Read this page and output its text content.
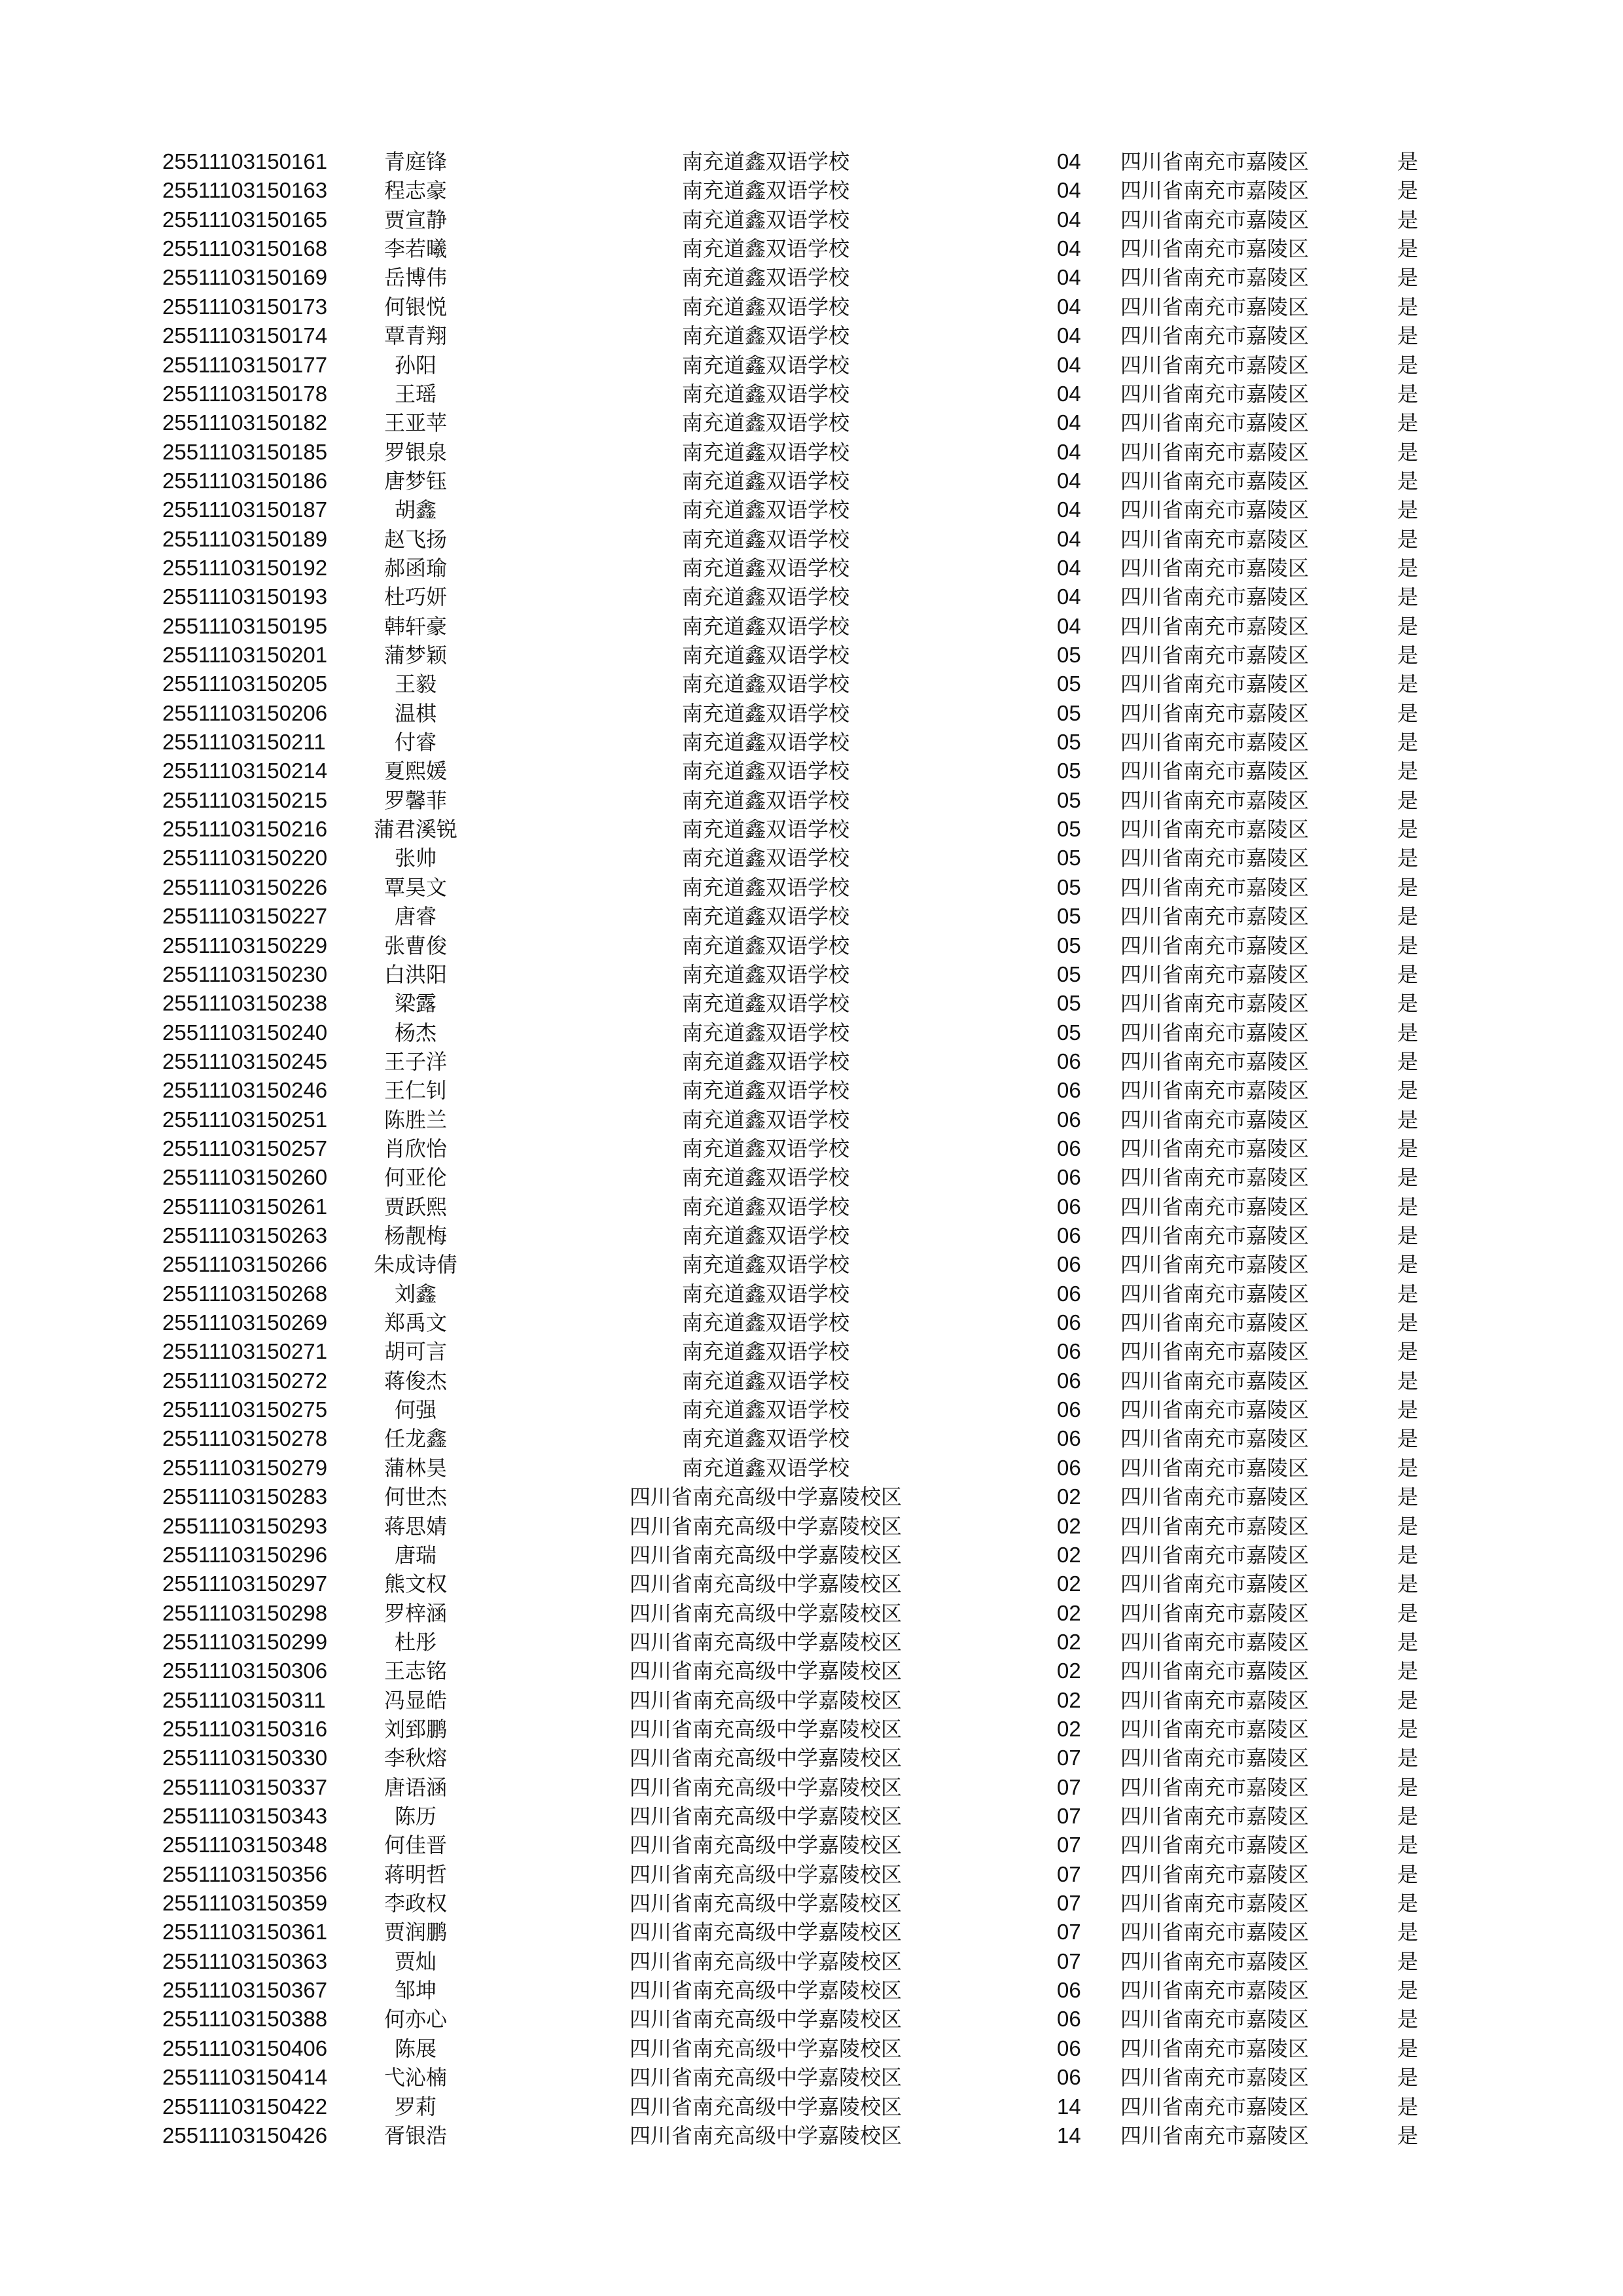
25511103150161	青庭锋	南充道鑫双语学校	04 四川省南充市嘉陵区	是
25511103150163	程志豪	南充道鑫双语学校	04 四川省南充市嘉陵区	是
25511103150165	贾宣静	南充道鑫双语学校	04 四川省南充市嘉陵区	是
25511103150168	李若曦	南充道鑫双语学校	04 四川省南充市嘉陵区	是
25511103150169	岳博伟	南充道鑫双语学校	04 四川省南充市嘉陵区	是
25511103150173	何银悦	南充道鑫双语学校	04 四川省南充市嘉陵区	是
25511103150174	覃青翔	南充道鑫双语学校	04 四川省南充市嘉陵区	是
25511103150177	孙阳	南充道鑫双语学校	04 四川省南充市嘉陵区	是
25511103150178	王瑶	南充道鑫双语学校	04 四川省南充市嘉陵区	是
25511103150182	王亚苹	南充道鑫双语学校	04 四川省南充市嘉陵区	是
25511103150185	罗银泉	南充道鑫双语学校	04 四川省南充市嘉陵区	是
25511103150186	唐梦钰	南充道鑫双语学校	04 四川省南充市嘉陵区	是
25511103150187	胡鑫	南充道鑫双语学校	04 四川省南充市嘉陵区	是
25511103150189	赵飞扬	南充道鑫双语学校	04 四川省南充市嘉陵区	是
25511103150192	郝函瑜	南充道鑫双语学校	04 四川省南充市嘉陵区	是
25511103150193	杜巧妍	南充道鑫双语学校	04 四川省南充市嘉陵区	是
25511103150195	韩轩豪	南充道鑫双语学校	04 四川省南充市嘉陵区	是
25511103150201	蒲梦颖	南充道鑫双语学校	05 四川省南充市嘉陵区	是
25511103150205	王毅	南充道鑫双语学校	05 四川省南充市嘉陵区	是
25511103150206	温棋	南充道鑫双语学校	05 四川省南充市嘉陵区	是
25511103150211	付睿	南充道鑫双语学校	05 四川省南充市嘉陵区	是
25511103150214	夏熙媛	南充道鑫双语学校	05 四川省南充市嘉陵区	是
25511103150215	罗馨菲	南充道鑫双语学校	05 四川省南充市嘉陵区	是
25511103150216	蒲君溪锐	南充道鑫双语学校	05 四川省南充市嘉陵区	是
25511103150220	张帅	南充道鑫双语学校	05 四川省南充市嘉陵区	是
25511103150226	覃昊文	南充道鑫双语学校	05 四川省南充市嘉陵区	是
25511103150227	唐睿	南充道鑫双语学校	05 四川省南充市嘉陵区	是
25511103150229	张曹俊	南充道鑫双语学校	05 四川省南充市嘉陵区	是
25511103150230	白洪阳	南充道鑫双语学校	05 四川省南充市嘉陵区	是
25511103150238	梁露	南充道鑫双语学校	05 四川省南充市嘉陵区	是
25511103150240	杨杰	南充道鑫双语学校	05 四川省南充市嘉陵区	是
25511103150245	王子洋	南充道鑫双语学校	06 四川省南充市嘉陵区	是
25511103150246	王仁钊	南充道鑫双语学校	06 四川省南充市嘉陵区	是
25511103150251	陈胜兰	南充道鑫双语学校	06 四川省南充市嘉陵区	是
25511103150257	肖欣怡	南充道鑫双语学校	06 四川省南充市嘉陵区	是
25511103150260	何亚伦	南充道鑫双语学校	06 四川省南充市嘉陵区	是
25511103150261	贾跃熙	南充道鑫双语学校	06 四川省南充市嘉陵区	是
25511103150263	杨靓梅	南充道鑫双语学校	06 四川省南充市嘉陵区	是
25511103150266	朱成诗倩	南充道鑫双语学校	06 四川省南充市嘉陵区	是
25511103150268	刘鑫	南充道鑫双语学校	06 四川省南充市嘉陵区	是
25511103150269	郑禹文	南充道鑫双语学校	06 四川省南充市嘉陵区	是
25511103150271	胡可言	南充道鑫双语学校	06 四川省南充市嘉陵区	是
25511103150272	蒋俊杰	南充道鑫双语学校	06 四川省南充市嘉陵区	是
25511103150275	何强	南充道鑫双语学校	06 四川省南充市嘉陵区	是
25511103150278	任龙鑫	南充道鑫双语学校	06 四川省南充市嘉陵区	是
25511103150279	蒲林昊	南充道鑫双语学校	06 四川省南充市嘉陵区	是
25511103150283	何世杰	四川省南充高级中学嘉陵校区	02 四川省南充市嘉陵区	是
25511103150293	蒋思婧	四川省南充高级中学嘉陵校区	02 四川省南充市嘉陵区	是
25511103150296	唐瑞	四川省南充高级中学嘉陵校区	02 四川省南充市嘉陵区	是
25511103150297	熊文权	四川省南充高级中学嘉陵校区	02 四川省南充市嘉陵区	是
25511103150298	罗梓涵	四川省南充高级中学嘉陵校区	02 四川省南充市嘉陵区	是
25511103150299	杜彤	四川省南充高级中学嘉陵校区	02 四川省南充市嘉陵区	是
25511103150306	王志铭	四川省南充高级中学嘉陵校区	02 四川省南充市嘉陵区	是
25511103150311	冯显皓	四川省南充高级中学嘉陵校区	02 四川省南充市嘉陵区	是
25511103150316	刘郅鹏	四川省南充高级中学嘉陵校区	02 四川省南充市嘉陵区	是
25511103150330	李秋熔	四川省南充高级中学嘉陵校区	07 四川省南充市嘉陵区	是
25511103150337	唐语涵	四川省南充高级中学嘉陵校区	07 四川省南充市嘉陵区	是
25511103150343	陈历	四川省南充高级中学嘉陵校区	07 四川省南充市嘉陵区	是
25511103150348	何佳晋	四川省南充高级中学嘉陵校区	07 四川省南充市嘉陵区	是
25511103150356	蒋明哲	四川省南充高级中学嘉陵校区	07 四川省南充市嘉陵区	是
25511103150359	李政权	四川省南充高级中学嘉陵校区	07 四川省南充市嘉陵区	是
25511103150361	贾润鹏	四川省南充高级中学嘉陵校区	07 四川省南充市嘉陵区	是
25511103150363	贾灿	四川省南充高级中学嘉陵校区	07 四川省南充市嘉陵区	是
25511103150367	邹坤	四川省南充高级中学嘉陵校区	06 四川省南充市嘉陵区	是
25511103150388	何亦心	四川省南充高级中学嘉陵校区	06 四川省南充市嘉陵区	是
25511103150406	陈展	四川省南充高级中学嘉陵校区	06 四川省南充市嘉陵区	是
25511103150414	弋沁楠	四川省南充高级中学嘉陵校区	06 四川省南充市嘉陵区	是
25511103150422	罗莉	四川省南充高级中学嘉陵校区	14 四川省南充市嘉陵区	是
25511103150426	胥银浩	四川省南充高级中学嘉陵校区	14 四川省南充市嘉陵区	是
